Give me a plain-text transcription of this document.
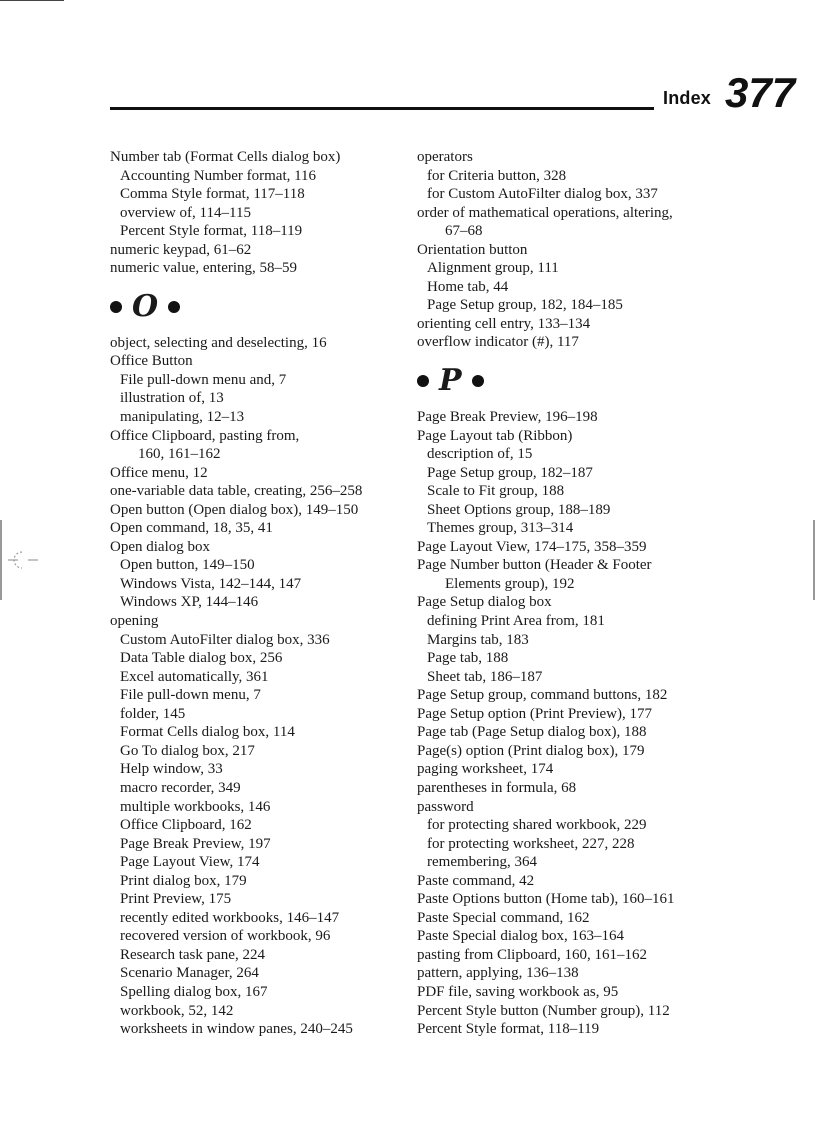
Index 377
Number tab (Format Cells dialog box)
Accounting Number format, 116
Comma Style format, 117–118
overview of, 114–115
Percent Style format, 118–119
numeric keypad, 61–62
numeric value, entering, 58–59
O
object, selecting and deselecting, 16
Office Button
File pull-down menu and, 7
illustration of, 13
manipulating, 12–13
Office Clipboard, pasting from,
160, 161–162
Office menu, 12
one-variable data table, creating, 256–258
Open button (Open dialog box), 149–150
Open command, 18, 35, 41
Open dialog box
Open button, 149–150
Windows Vista, 142–144, 147
Windows XP, 144–146
opening
Custom AutoFilter dialog box, 336
Data Table dialog box, 256
Excel automatically, 361
File pull-down menu, 7
folder, 145
Format Cells dialog box, 114
Go To dialog box, 217
Help window, 33
macro recorder, 349
multiple workbooks, 146
Office Clipboard, 162
Page Break Preview, 197
Page Layout View, 174
Print dialog box, 179
Print Preview, 175
recently edited workbooks, 146–147
recovered version of workbook, 96
Research task pane, 224
Scenario Manager, 264
Spelling dialog box, 167
workbook, 52, 142
worksheets in window panes, 240–245
operators
for Criteria button, 328
for Custom AutoFilter dialog box, 337
order of mathematical operations, altering,
67–68
Orientation button
Alignment group, 111
Home tab, 44
Page Setup group, 182, 184–185
orienting cell entry, 133–134
overflow indicator (#), 117
P
Page Break Preview, 196–198
Page Layout tab (Ribbon)
description of, 15
Page Setup group, 182–187
Scale to Fit group, 188
Sheet Options group, 188–189
Themes group, 313–314
Page Layout View, 174–175, 358–359
Page Number button (Header & Footer
Elements group), 192
Page Setup dialog box
defining Print Area from, 181
Margins tab, 183
Page tab, 188
Sheet tab, 186–187
Page Setup group, command buttons, 182
Page Setup option (Print Preview), 177
Page tab (Page Setup dialog box), 188
Page(s) option (Print dialog box), 179
paging worksheet, 174
parentheses in formula, 68
password
for protecting shared workbook, 229
for protecting worksheet, 227, 228
remembering, 364
Paste command, 42
Paste Options button (Home tab), 160–161
Paste Special command, 162
Paste Special dialog box, 163–164
pasting from Clipboard, 160, 161–162
pattern, applying, 136–138
PDF file, saving workbook as, 95
Percent Style button (Number group), 112
Percent Style format, 118–119
